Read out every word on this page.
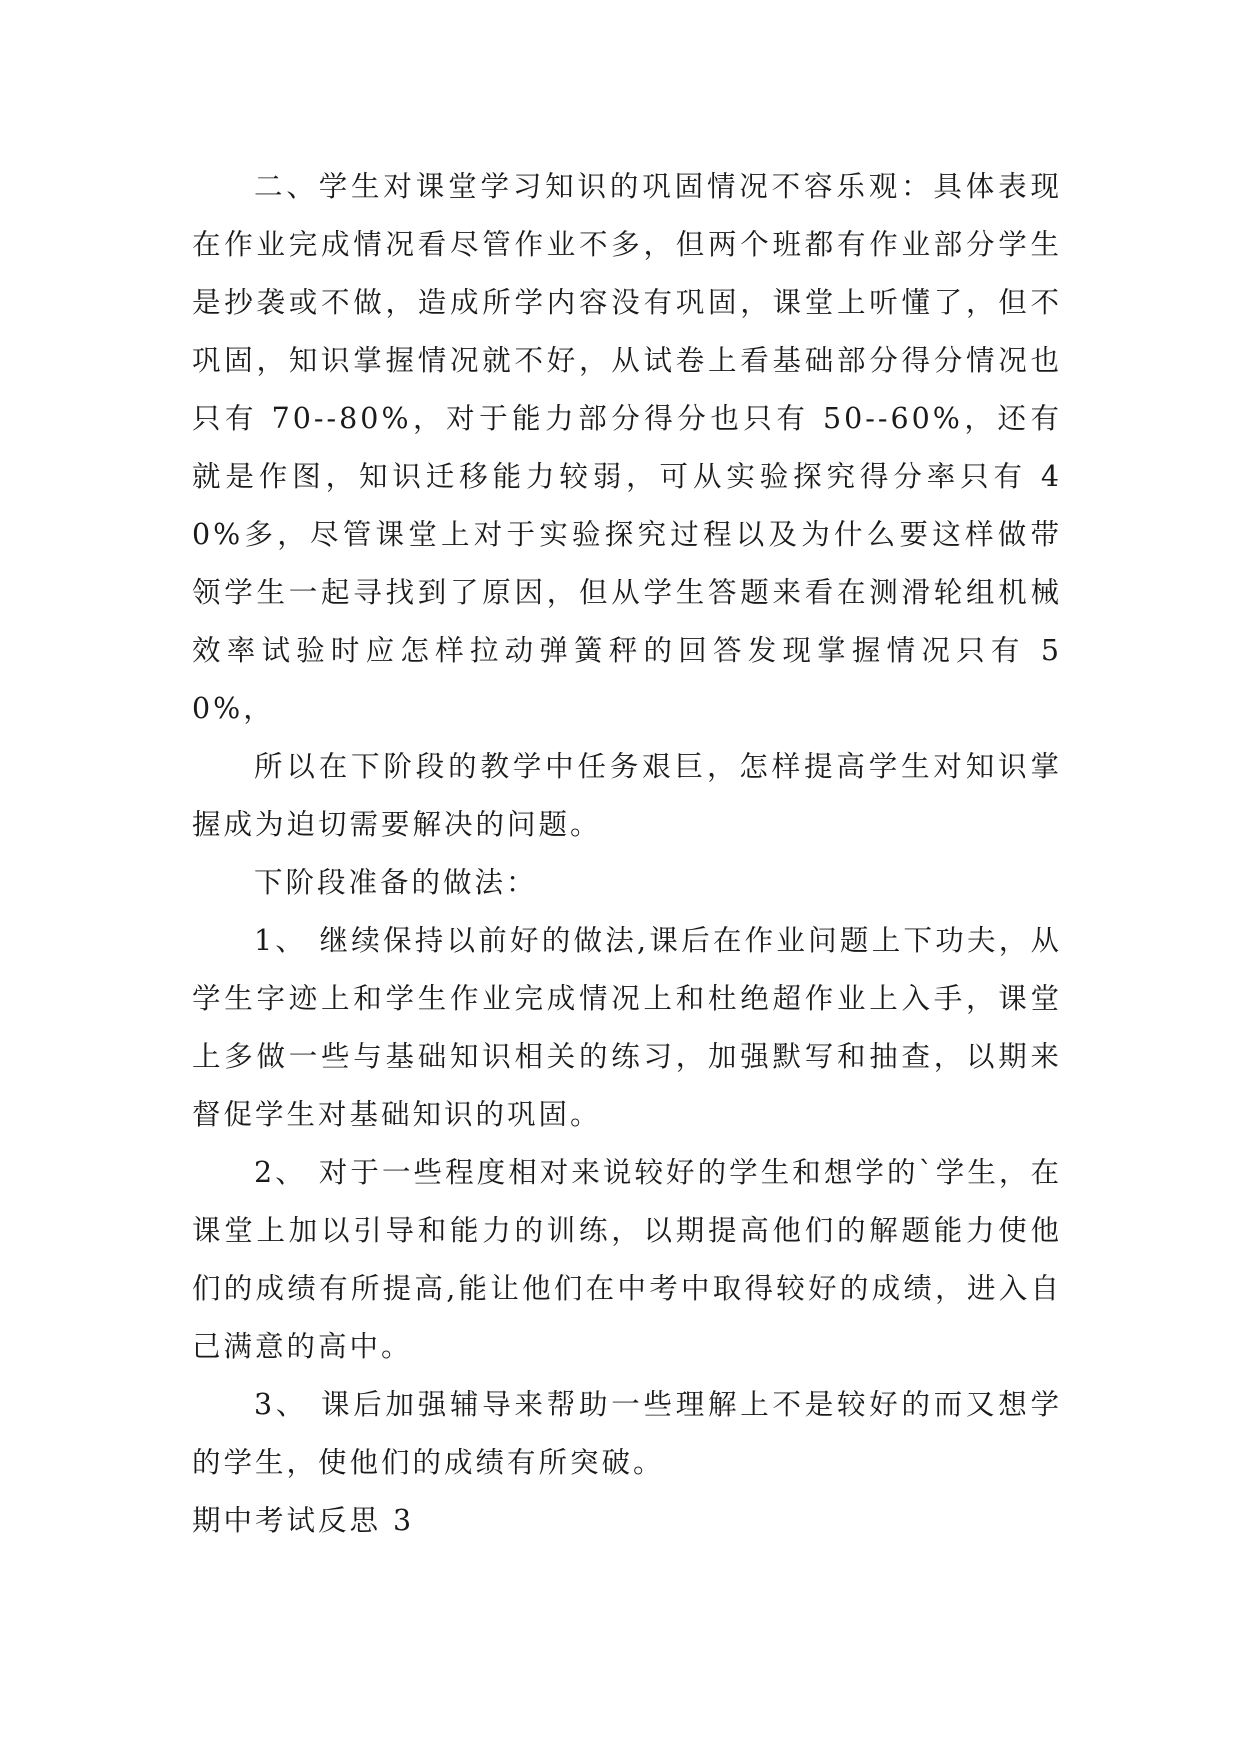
二、学生对课堂学习知识的巩固情况不容乐观：具体表现在作业完成情况看尽管作业不多，但两个班都有作业部分学生是抄袭或不做，造成所学内容没有巩固，课堂上听懂了，但不巩固，知识掌握情况就不好，从试卷上看基础部分得分情况也只有 70--80%，对于能力部分得分也只有 50--60%，还有就是作图，知识迁移能力较弱，可从实验探究得分率只有 40%多，尽管课堂上对于实验探究过程以及为什么要这样做带领学生一起寻找到了原因，但从学生答题来看在测滑轮组机械效率试验时应怎样拉动弹簧秤的回答发现掌握情况只有 50%，

所以在下阶段的教学中任务艰巨，怎样提高学生对知识掌握成为迫切需要解决的问题。

下阶段准备的做法：

1、 继续保持以前好的做法,课后在作业问题上下功夫，从学生字迹上和学生作业完成情况上和杜绝超作业上入手，课堂上多做一些与基础知识相关的练习，加强默写和抽查，以期来督促学生对基础知识的巩固。

2、 对于一些程度相对来说较好的学生和想学的`学生，在课堂上加以引导和能力的训练，以期提高他们的解题能力使他们的成绩有所提高,能让他们在中考中取得较好的成绩，进入自己满意的高中。

3、 课后加强辅导来帮助一些理解上不是较好的而又想学的学生，使他们的成绩有所突破。

期中考试反思 3
